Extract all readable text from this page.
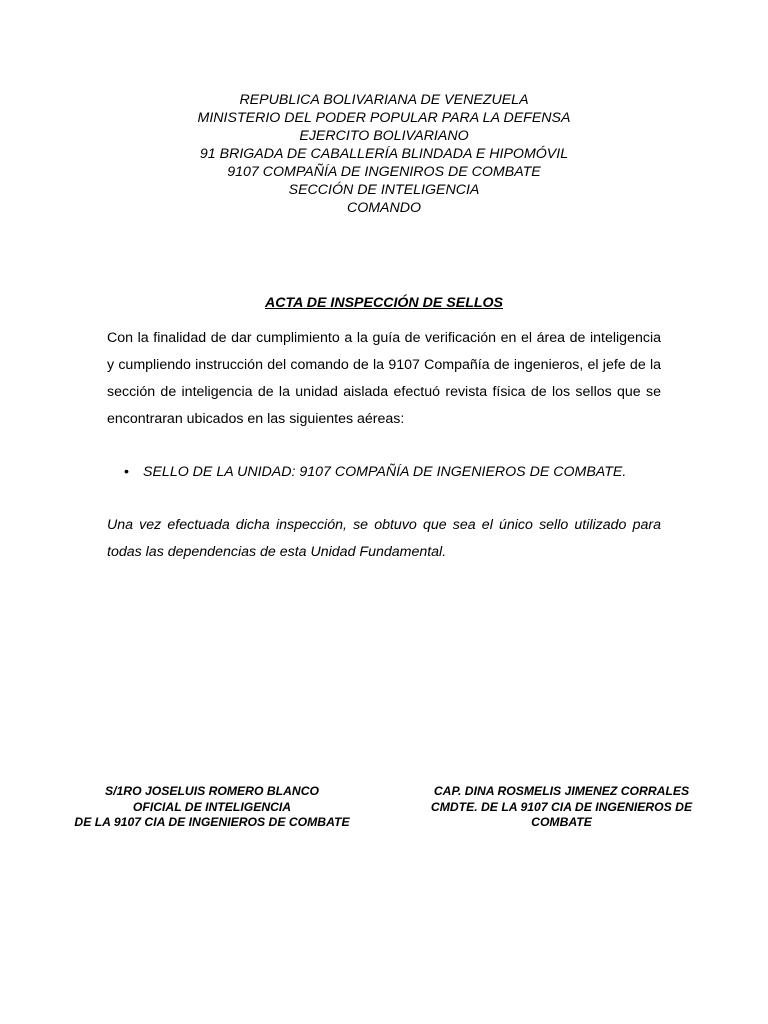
REPUBLICA BOLIVARIANA DE VENEZUELA
MINISTERIO DEL PODER POPULAR PARA LA DEFENSA
EJERCITO BOLIVARIANO
91 BRIGADA DE CABALLERÍA BLINDADA E HIPOMÓVIL
9107 COMPAÑÍA DE INGENIROS DE COMBATE
SECCIÓN DE INTELIGENCIA
COMANDO
ACTA DE INSPECCIÓN DE SELLOS

Con la finalidad de dar cumplimiento a la guía de verificación en el área de inteligencia y cumpliendo instrucción del comando de la 9107 Compañía de ingenieros, el jefe de la sección de inteligencia de la unidad aislada efectuó revista física de los sellos que se encontraran ubicados en las siguientes aéreas:

• SELLO DE LA UNIDAD: 9107 COMPAÑÍA DE INGENIEROS DE COMBATE.

Una vez efectuada dicha inspección, se obtuvo que sea el único sello utilizado para todas las dependencias de esta Unidad Fundamental.

S/1RO JOSELUIS ROMERO BLANCO
OFICIAL DE INTELIGENCIA
DE LA 9107 CIA DE INGENIEROS DE COMBATE
CAP. DINA ROSMELIS JIMENEZ CORRALES
CMDTE. DE LA 9107 CIA DE INGENIEROS DE
COMBATE
